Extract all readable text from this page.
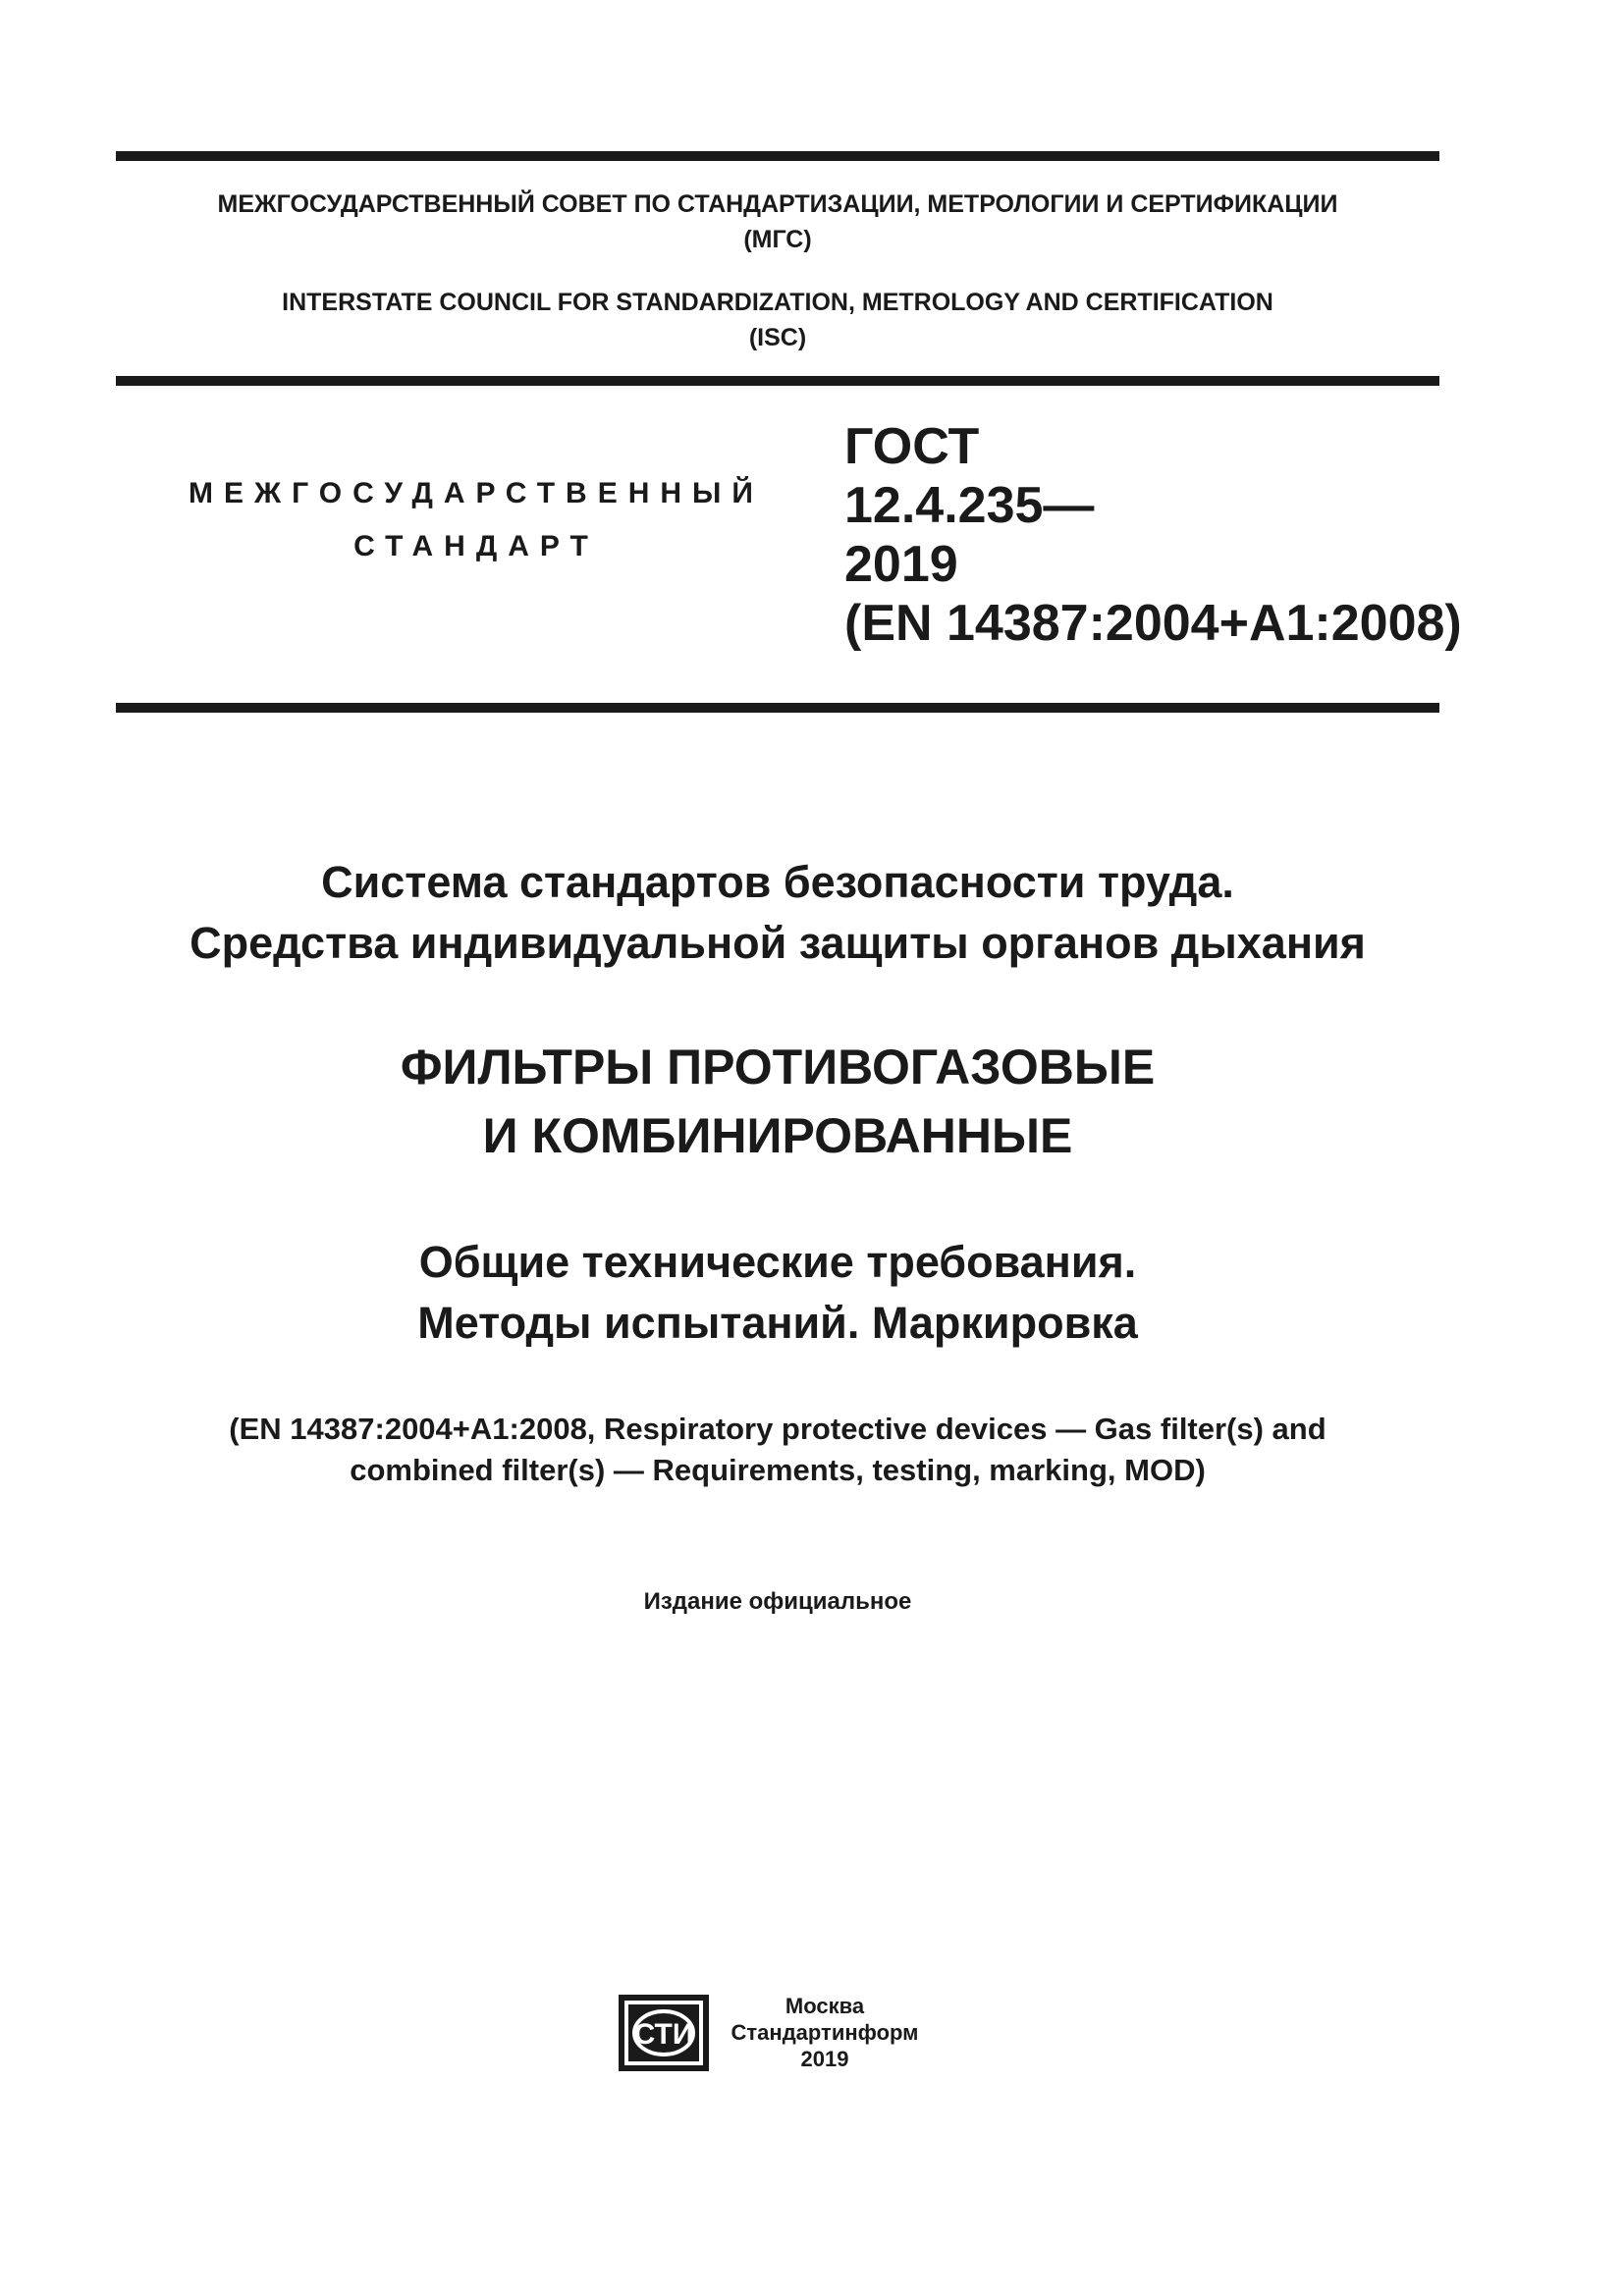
МЕЖГОСУДАРСТВЕННЫЙ СОВЕТ ПО СТАНДАРТИЗАЦИИ, МЕТРОЛОГИИ И СЕРТИФИКАЦИИ
(МГС)
INTERSTATE COUNCIL FOR STANDARDIZATION, METROLOGY AND CERTIFICATION
(ISC)
МЕЖГОСУДАРСТВЕННЫЙ
СТАНДАРТ
ГОСТ
12.4.235—
2019
(EN 14387:2004+A1:2008)
Система стандартов безопасности труда.
Средства индивидуальной защиты органов дыхания
ФИЛЬТРЫ ПРОТИВОГАЗОВЫЕ
И КОМБИНИРОВАННЫЕ
Общие технические требования.
Методы испытаний. Маркировка
(EN 14387:2004+A1:2008, Respiratory protective devices — Gas filter(s) and
combined filter(s) — Requirements, testing, marking, MOD)
Издание официальное
СТИ
Москва
Стандартинформ
2019
